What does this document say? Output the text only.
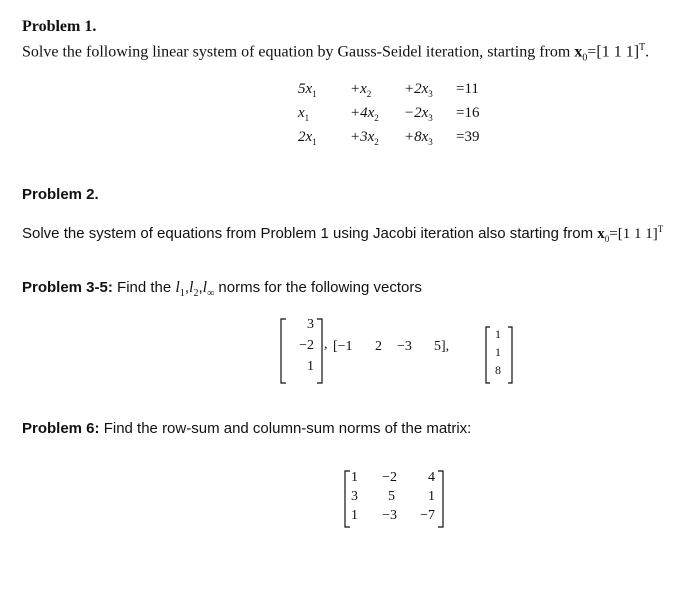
Problem 1.
Solve the following linear system of equation by Gauss-Seidel iteration, starting from $x_0=[1$ 1 1]$^T$.
$5x_1 +x_2 +2x_3 =11$
$x_1$	$+4x_2 -2x_3 =16$
$2x_1 +3x_2 +8x_3 =39$
Problem 2.
Solve the system of equations from Problem 1 using Jacobi iteration also starting from $x_0=[1$ 1 1]$^T$
Problem 3-5: Find the $l_1,l_2,l_\infty$ norms for the following vectors
3
−2
1
, [−1 2 −3 5],
1
1
8
Problem 6: Find the row-sum and column-sum norms of the matrix:
1 −2 4
3 5 1
1 −3 −7
